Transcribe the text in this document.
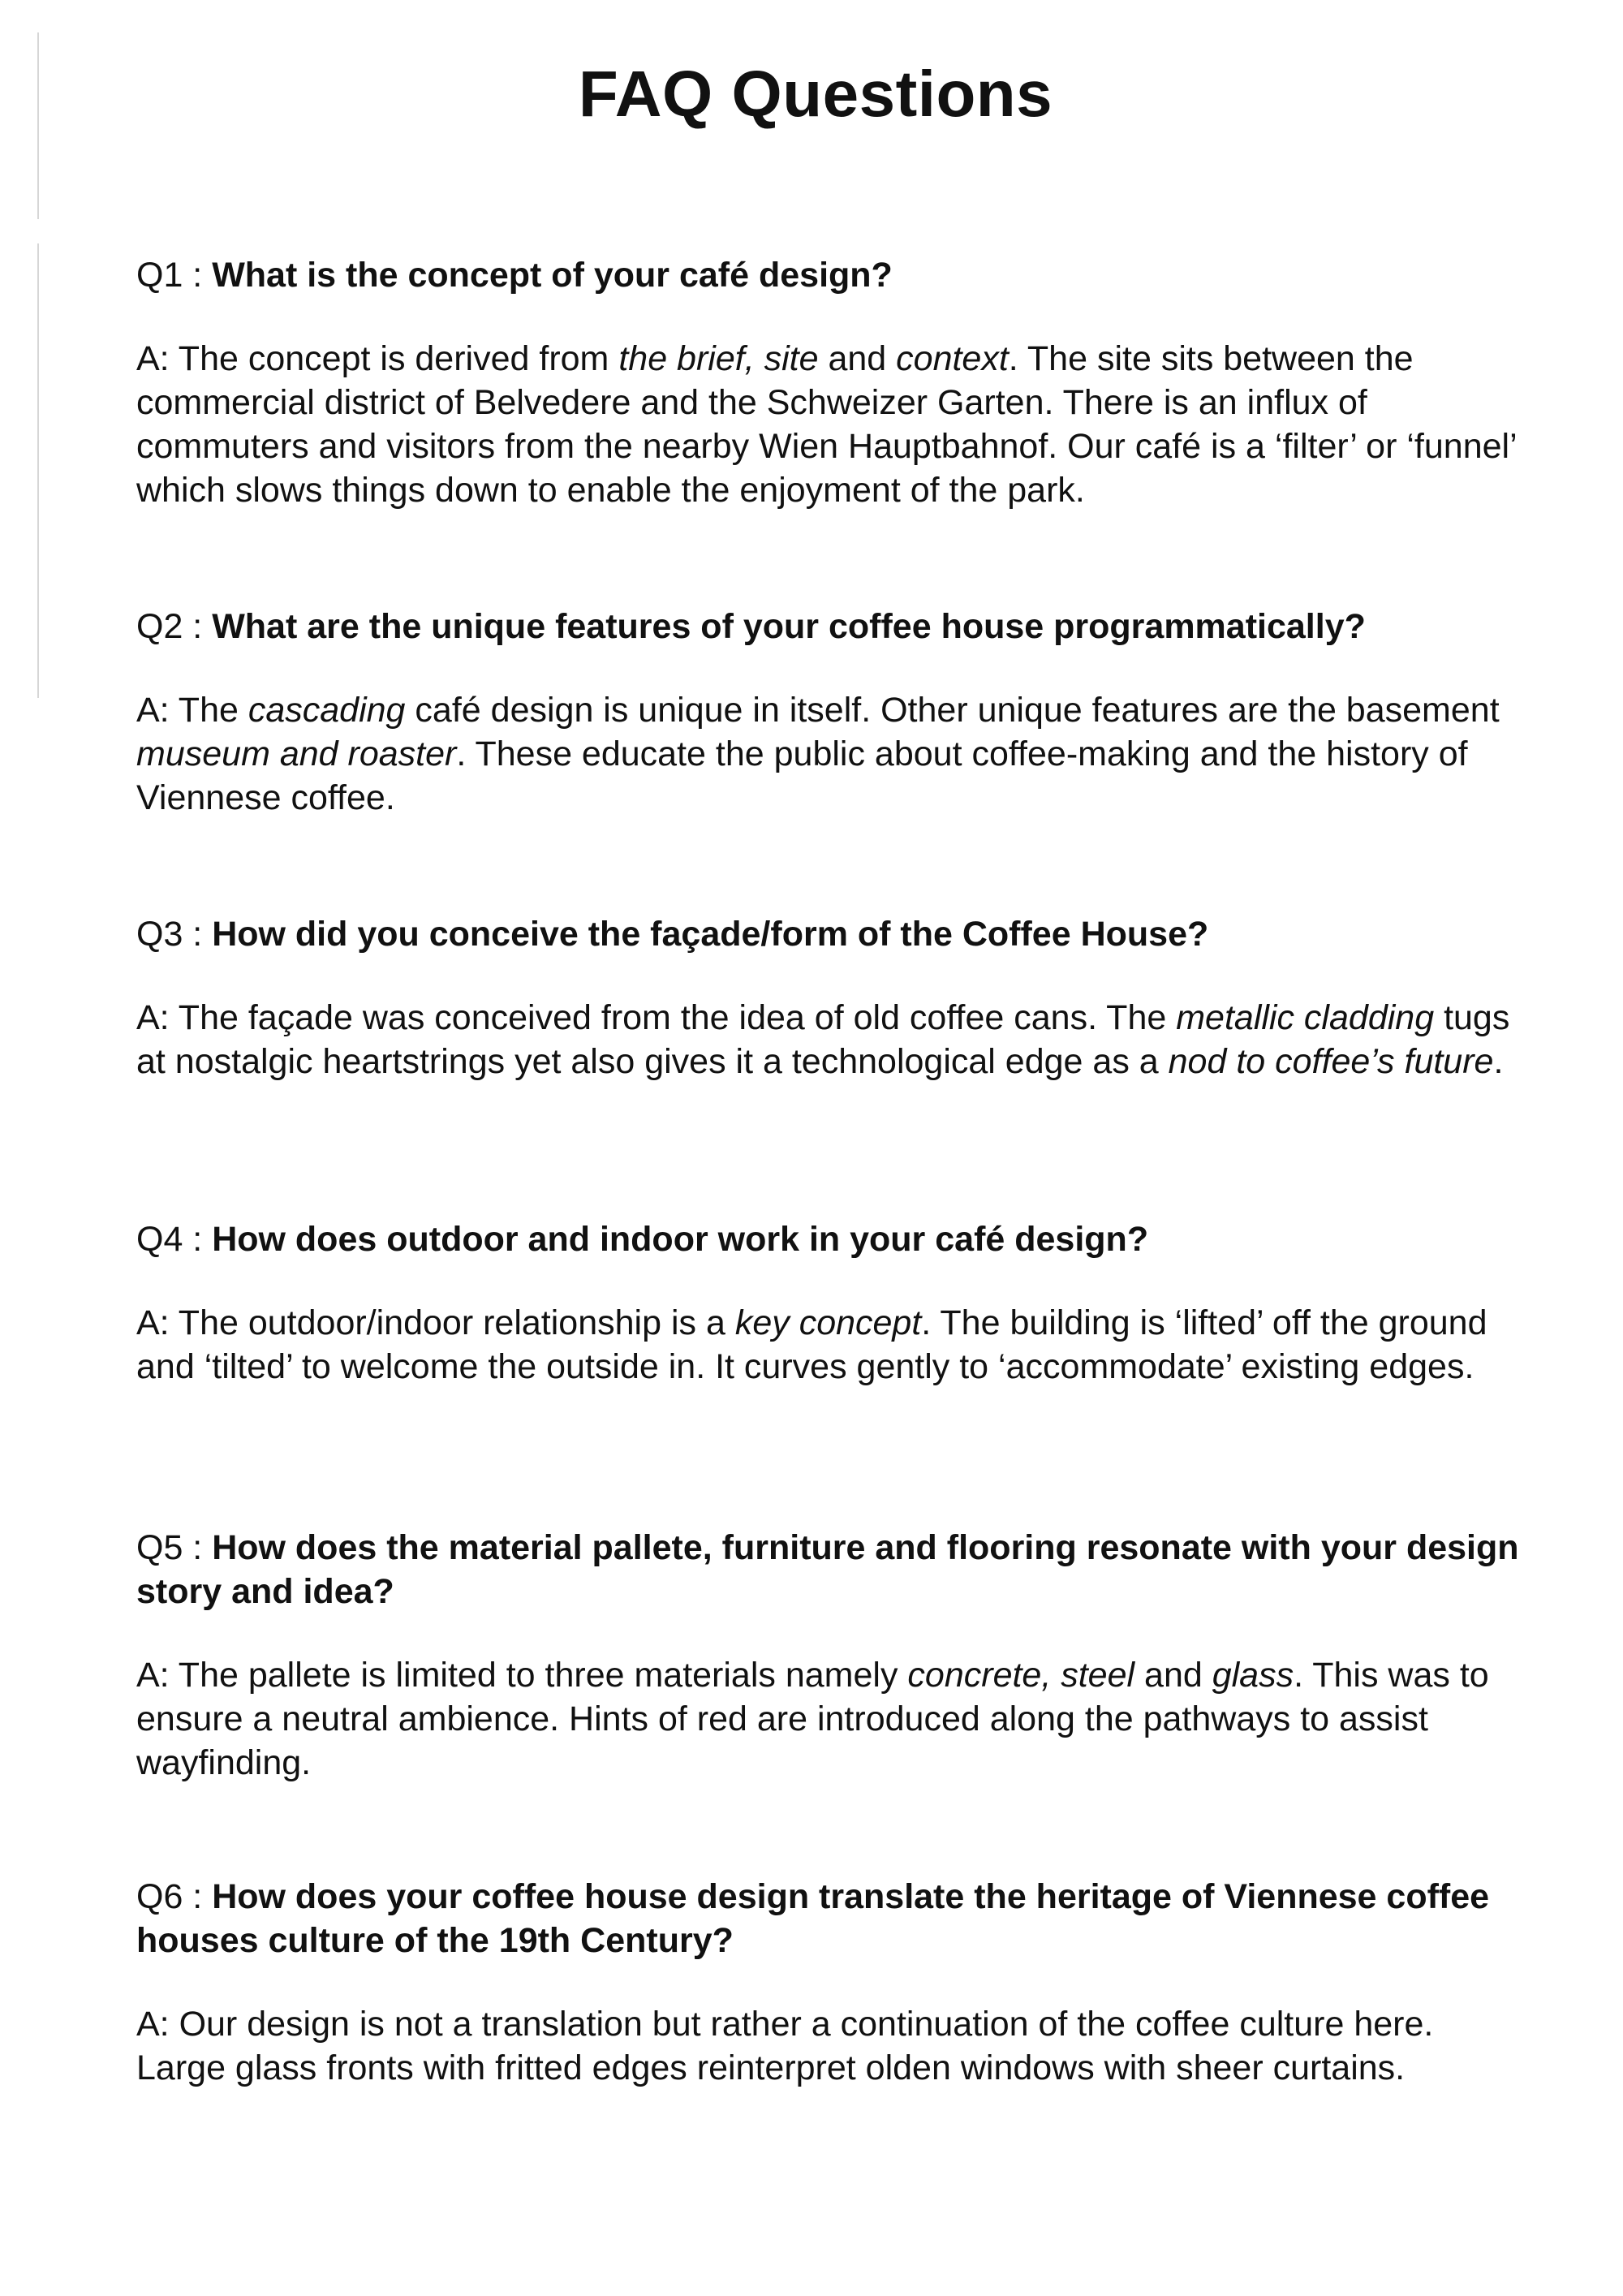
FAQ Questions

Q1 : What is the concept of your café design?

A: The concept is derived from the brief, site and context. The site sits between the commercial district of Belvedere and the Schweizer Garten. There is an influx of commuters and visitors from the nearby Wien Hauptbahnof. Our café is a ‘filter’ or ‘funnel’ which slows things down to enable the enjoyment of the park.

Q2 : What are the unique features of your coffee house programmatically?

A: The cascading café design is unique in itself. Other unique features are the basement museum and roaster. These educate the public about coffee-making and the history of Viennese coffee.

Q3 : How did you conceive the façade/form of the Coffee House?

A: The façade was conceived from the idea of old coffee cans. The metallic cladding tugs at nostalgic heartstrings yet also gives it a technological edge as a nod to coffee’s future.

Q4 : How does outdoor and indoor work in your café design?

A: The outdoor/indoor relationship is a key concept. The building is ‘lifted’ off the ground and ‘tilted’ to welcome the outside in. It curves gently to ‘accommodate’ existing edges.

Q5 : How does the material pallete, furniture and flooring resonate with your design story and idea?

A: The pallete is limited to three materials namely concrete, steel and glass. This was to ensure a neutral ambience. Hints of red are introduced along the pathways to assist wayfinding.

Q6 : How does your coffee house design translate the heritage of Viennese coffee houses culture of the 19th Century?

A: Our design is not a translation but rather a continuation of the coffee culture here. Large glass fronts with fritted edges reinterpret olden windows with sheer curtains.
